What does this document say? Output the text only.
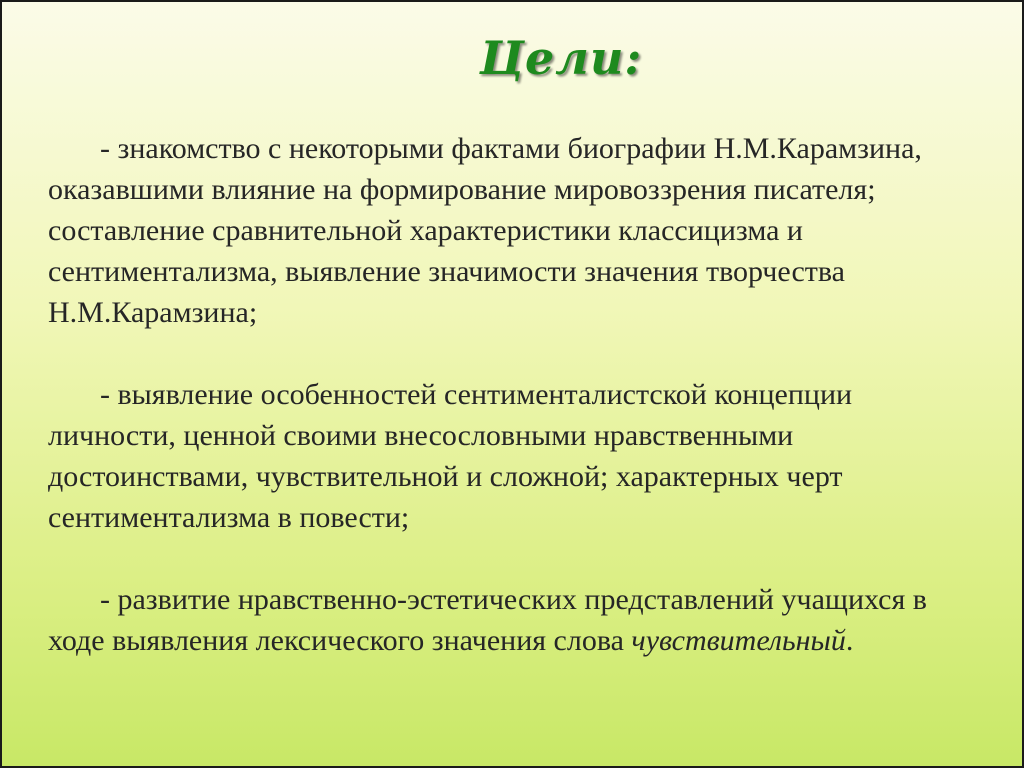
Цели:

- знакомство с некоторыми фактами биографии Н.М.Карамзина, оказавшими влияние на формирование мировоззрения писателя; составление сравнительной характеристики классицизма и сентиментализма, выявление значимости значения творчества Н.М.Карамзина;

- выявление особенностей сентименталистской концепции личности, ценной своими внесословными нравственными достоинствами, чувствительной и сложной; характерных черт сентиментализма в повести;

- развитие нравственно-эстетических представлений учащихся в ходе выявления лексического значения слова чувствительный.
